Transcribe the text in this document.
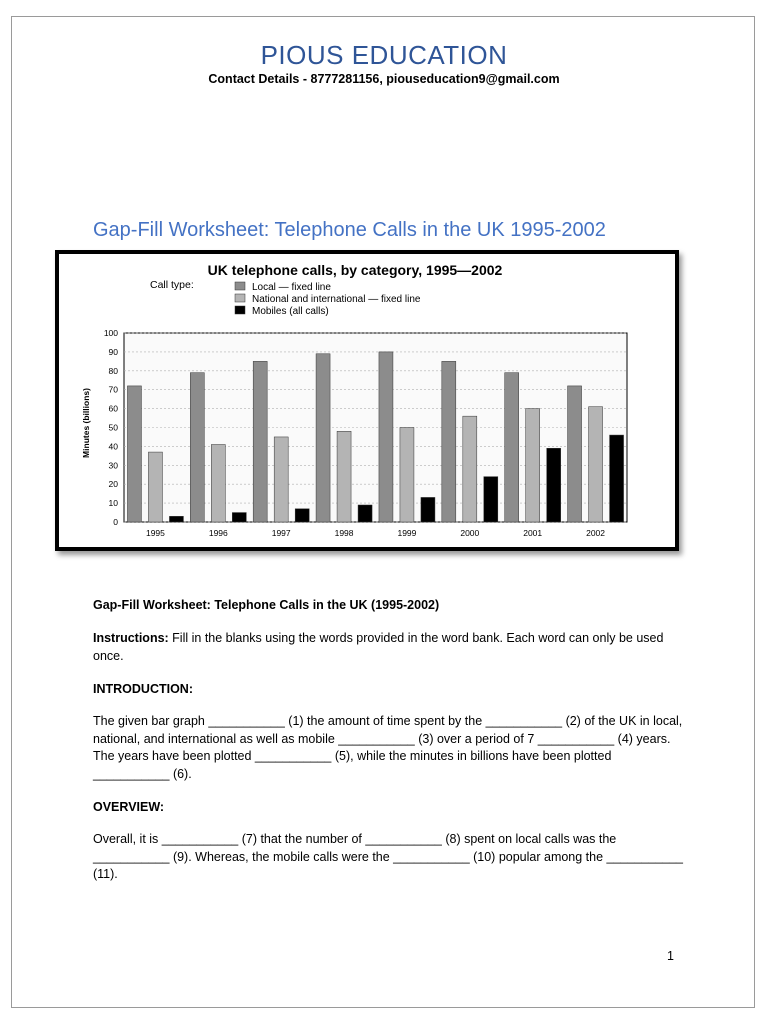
PIOUS EDUCATION
Contact Details - 8777281156, piouseducation9@gmail.com
Gap-Fill Worksheet: Telephone Calls in the UK 1995-2002
UK telephone calls, by category, 1995—2002
Call type:
Minutes (billions)
0
10
20
30
40
50
60
70
80
90
100
1995	1996	1997	1998	1999	2000	2001	2002
Local — fixed line
National and international — fixed line
Mobiles (all calls)
Gap-Fill Worksheet: Telephone Calls in the UK (1995-2002)
Instructions: Fill in the blanks using the words provided in the word bank. Each word can only be used once.
INTRODUCTION:
The given bar graph ___________ (1) the amount of time spent by the ___________ (2) of the UK in local, national, and international as well as mobile ___________ (3) over a period of 7 ___________ (4) years. The years have been plotted ___________ (5), while the minutes in billions have been plotted ___________ (6).
OVERVIEW:
Overall, it is ___________ (7) that the number of ___________ (8) spent on local calls was the ___________ (9). Whereas, the mobile calls were the ___________ (10) popular among the ___________ (11).
1
